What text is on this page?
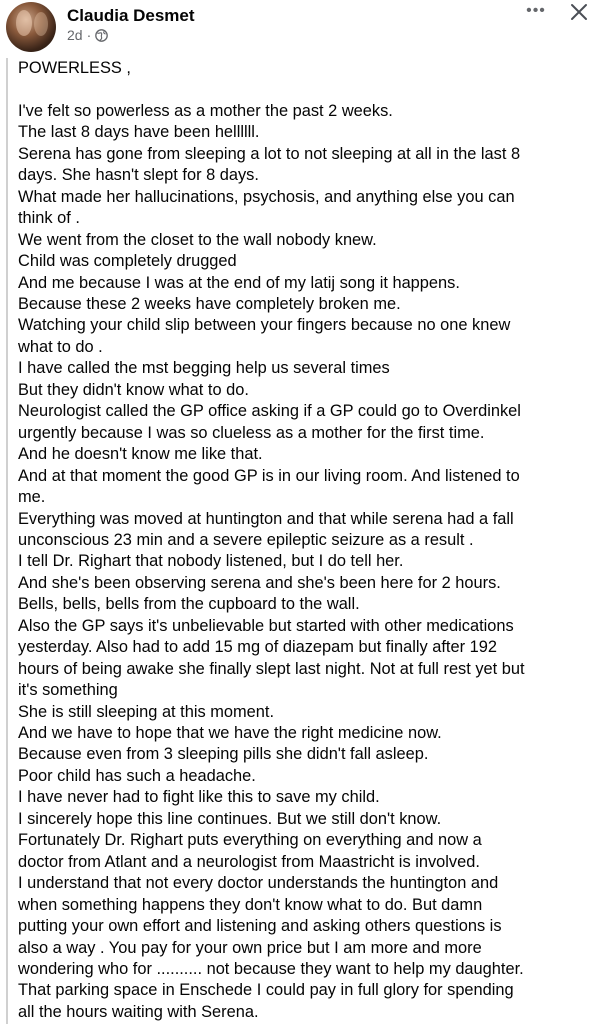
Claudia Desmet
2d ·
•••
POWERLESS ,
I've felt so powerless as a mother the past 2 weeks.
The last 8 days have been hellllll.
Serena has gone from sleeping a lot to not sleeping at all in the last 8
days. She hasn't slept for 8 days.
What made her hallucinations, psychosis, and anything else you can
think of .
We went from the closet to the wall nobody knew.
Child was completely drugged
And me because I was at the end of my latij song it happens.
Because these 2 weeks have completely broken me.
Watching your child slip between your fingers because no one knew
what to do .
I have called the mst begging help us several times
But they didn't know what to do.
Neurologist called the GP office asking if a GP could go to Overdinkel
urgently because I was so clueless as a mother for the first time.
And he doesn't know me like that.
And at that moment the good GP is in our living room. And listened to
me.
Everything was moved at huntington and that while serena had a fall
unconscious 23 min and a severe epileptic seizure as a result .
I tell Dr. Righart that nobody listened, but I do tell her.
And she's been observing serena and she's been here for 2 hours.
Bells, bells, bells from the cupboard to the wall.
Also the GP says it's unbelievable but started with other medications
yesterday. Also had to add 15 mg of diazepam but finally after 192
hours of being awake she finally slept last night. Not at full rest yet but
it's something
She is still sleeping at this moment.
And we have to hope that we have the right medicine now.
Because even from 3 sleeping pills she didn't fall asleep.
Poor child has such a headache.
I have never had to fight like this to save my child.
I sincerely hope this line continues. But we still don't know.
Fortunately Dr. Righart puts everything on everything and now a
doctor from Atlant and a neurologist from Maastricht is involved.
I understand that not every doctor understands the huntington and
when something happens they don't know what to do. But damn
putting your own effort and listening and asking others questions is
also a way . You pay for your own price but I am more and more
wondering who for .......... not because they want to help my daughter.
That parking space in Enschede I could pay in full glory for spending
all the hours waiting with Serena.
